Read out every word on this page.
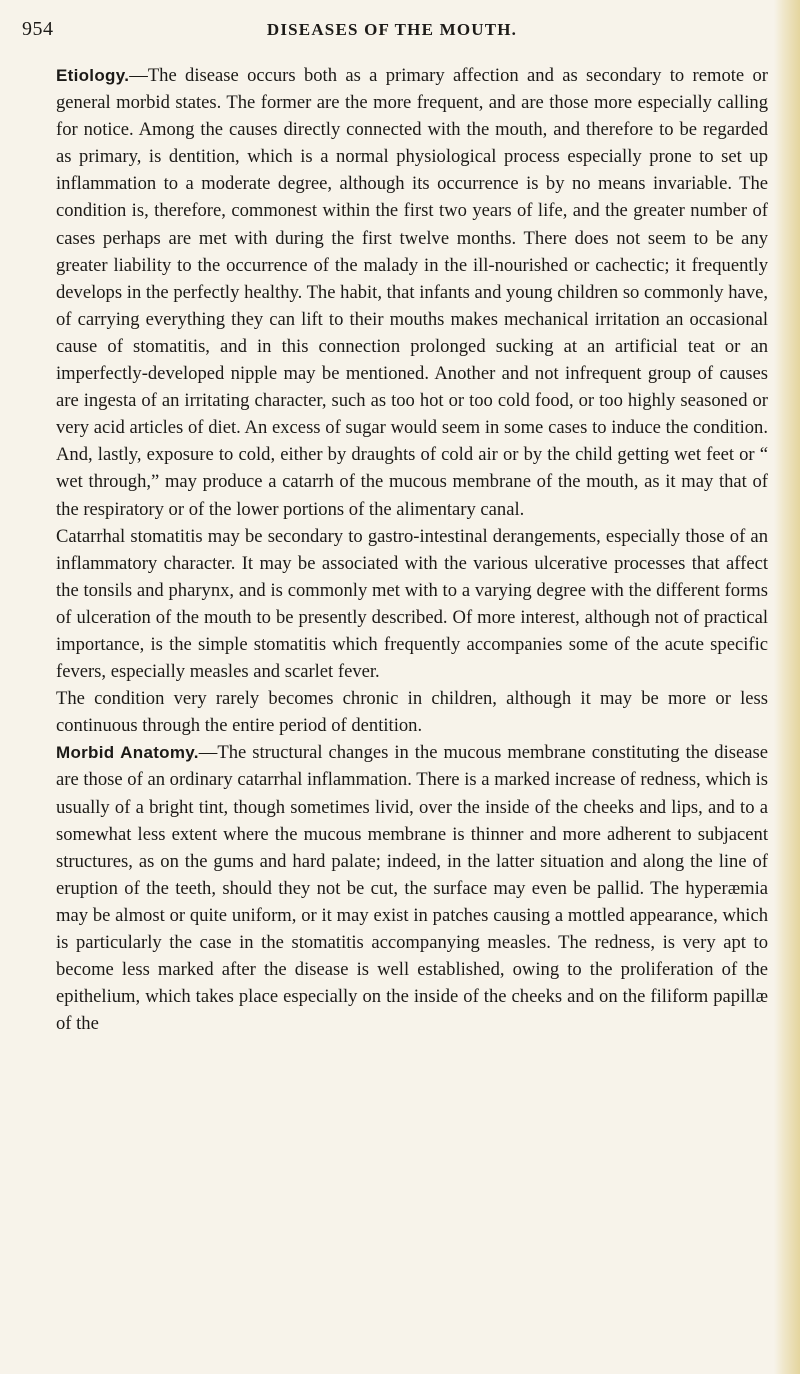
954	DISEASES OF THE MOUTH.

Etiology.—The disease occurs both as a primary affection and as secondary to remote or general morbid states. The former are the more frequent, and are those more especially calling for notice. Among the causes directly connected with the mouth, and therefore to be regarded as primary, is dentition, which is a normal physiological process especially prone to set up inflammation to a moderate degree, although its occurrence is by no means invariable. The condition is, therefore, commonest within the first two years of life, and the greater number of cases perhaps are met with during the first twelve months. There does not seem to be any greater liability to the occurrence of the malady in the ill-nourished or cachectic; it frequently develops in the perfectly healthy. The habit, that infants and young children so commonly have, of carrying everything they can lift to their mouths makes mechanical irritation an occasional cause of stomatitis, and in this connection prolonged sucking at an artificial teat or an imperfectly-developed nipple may be mentioned. Another and not infrequent group of causes are ingesta of an irritating character, such as too hot or too cold food, or too highly seasoned or very acid articles of diet. An excess of sugar would seem in some cases to induce the condition. And, lastly, exposure to cold, either by draughts of cold air or by the child getting wet feet or “ wet through,” may produce a catarrh of the mucous membrane of the mouth, as it may that of the respiratory or of the lower portions of the alimentary canal.

Catarrhal stomatitis may be secondary to gastro-intestinal derangements, especially those of an inflammatory character. It may be associated with the various ulcerative processes that affect the tonsils and pharynx, and is commonly met with to a varying degree with the different forms of ulceration of the mouth to be presently described. Of more interest, although not of practical importance, is the simple stomatitis which frequently accompanies some of the acute specific fevers, especially measles and scarlet fever.

The condition very rarely becomes chronic in children, although it may be more or less continuous through the entire period of dentition.

Morbid Anatomy.—The structural changes in the mucous membrane constituting the disease are those of an ordinary catarrhal inflammation. There is a marked increase of redness, which is usually of a bright tint, though sometimes livid, over the inside of the cheeks and lips, and to a somewhat less extent where the mucous membrane is thinner and more adherent to subjacent structures, as on the gums and hard palate; indeed, in the latter situation and along the line of eruption of the teeth, should they not be cut, the surface may even be pallid. The hyperæmia may be almost or quite uniform, or it may exist in patches causing a mottled appearance, which is particularly the case in the stomatitis accompanying measles. The redness, is very apt to become less marked after the disease is well established, owing to the proliferation of the epithelium, which takes place especially on the inside of the cheeks and on the filiform papillæ of the
